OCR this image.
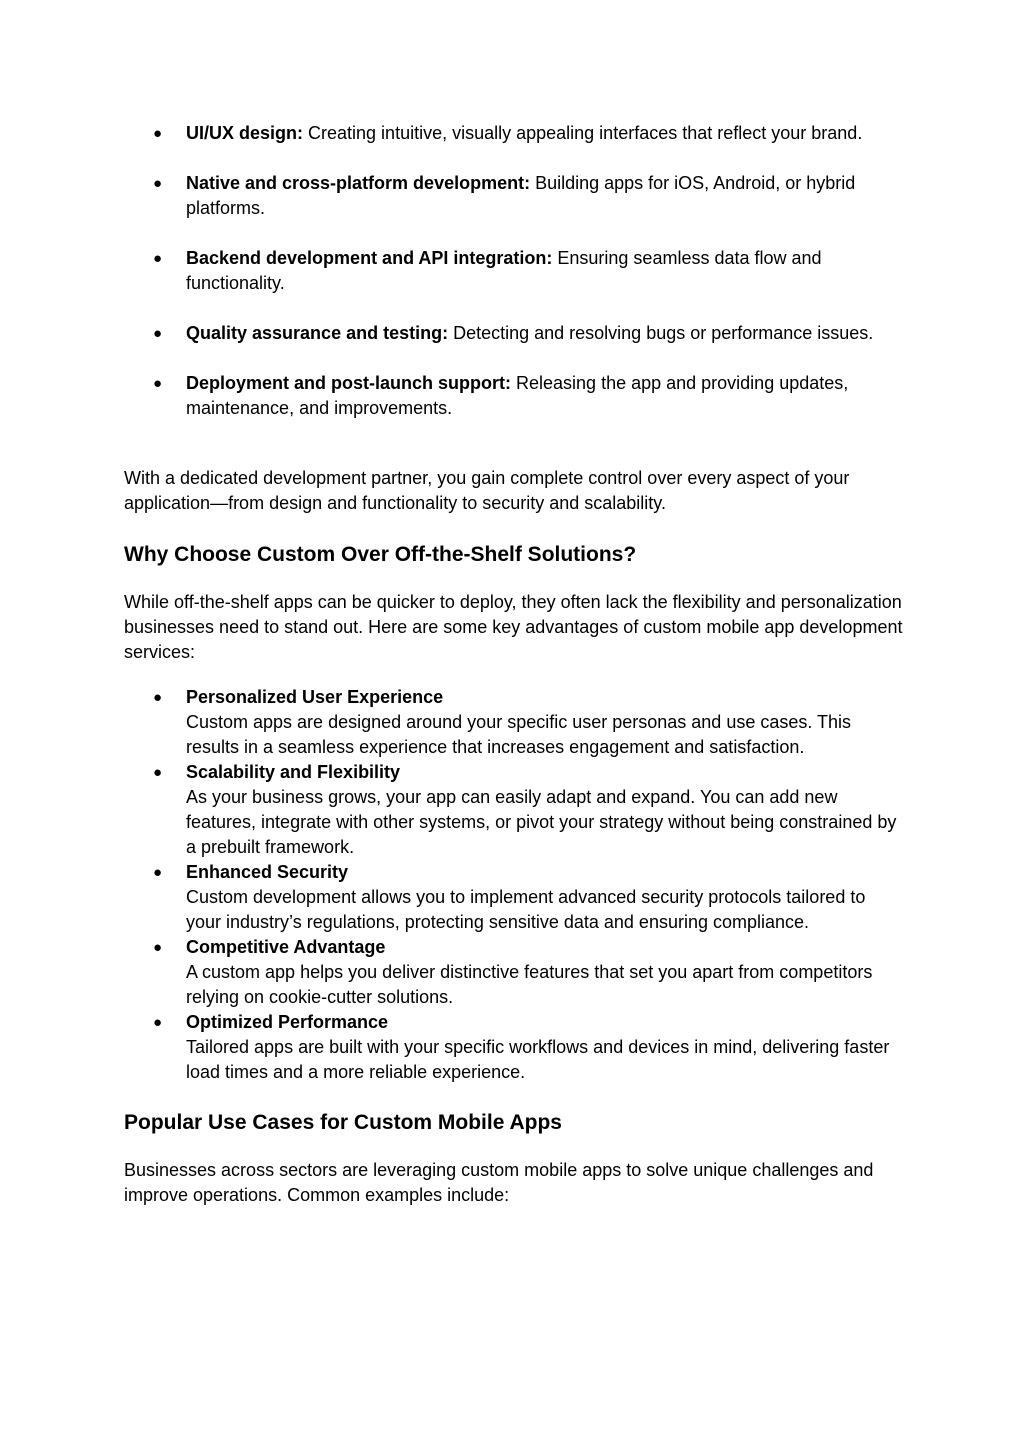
● UI/UX design: Creating intuitive, visually appealing interfaces that reflect your brand.
● Native and cross-platform development: Building apps for iOS, Android, or hybrid platforms.
● Backend development and API integration: Ensuring seamless data flow and functionality.
● Quality assurance and testing: Detecting and resolving bugs or performance issues.
● Deployment and post-launch support: Releasing the app and providing updates, maintenance, and improvements.

With a dedicated development partner, you gain complete control over every aspect of your application—from design and functionality to security and scalability.

Why Choose Custom Over Off-the-Shelf Solutions?

While off-the-shelf apps can be quicker to deploy, they often lack the flexibility and personalization businesses need to stand out. Here are some key advantages of custom mobile app development services:

● Personalized User Experience
Custom apps are designed around your specific user personas and use cases. This results in a seamless experience that increases engagement and satisfaction.
● Scalability and Flexibility
As your business grows, your app can easily adapt and expand. You can add new features, integrate with other systems, or pivot your strategy without being constrained by a prebuilt framework.
● Enhanced Security
Custom development allows you to implement advanced security protocols tailored to your industry’s regulations, protecting sensitive data and ensuring compliance.
● Competitive Advantage
A custom app helps you deliver distinctive features that set you apart from competitors relying on cookie-cutter solutions.
● Optimized Performance
Tailored apps are built with your specific workflows and devices in mind, delivering faster load times and a more reliable experience.
Popular Use Cases for Custom Mobile Apps

Businesses across sectors are leveraging custom mobile apps to solve unique challenges and improve operations. Common examples include:
